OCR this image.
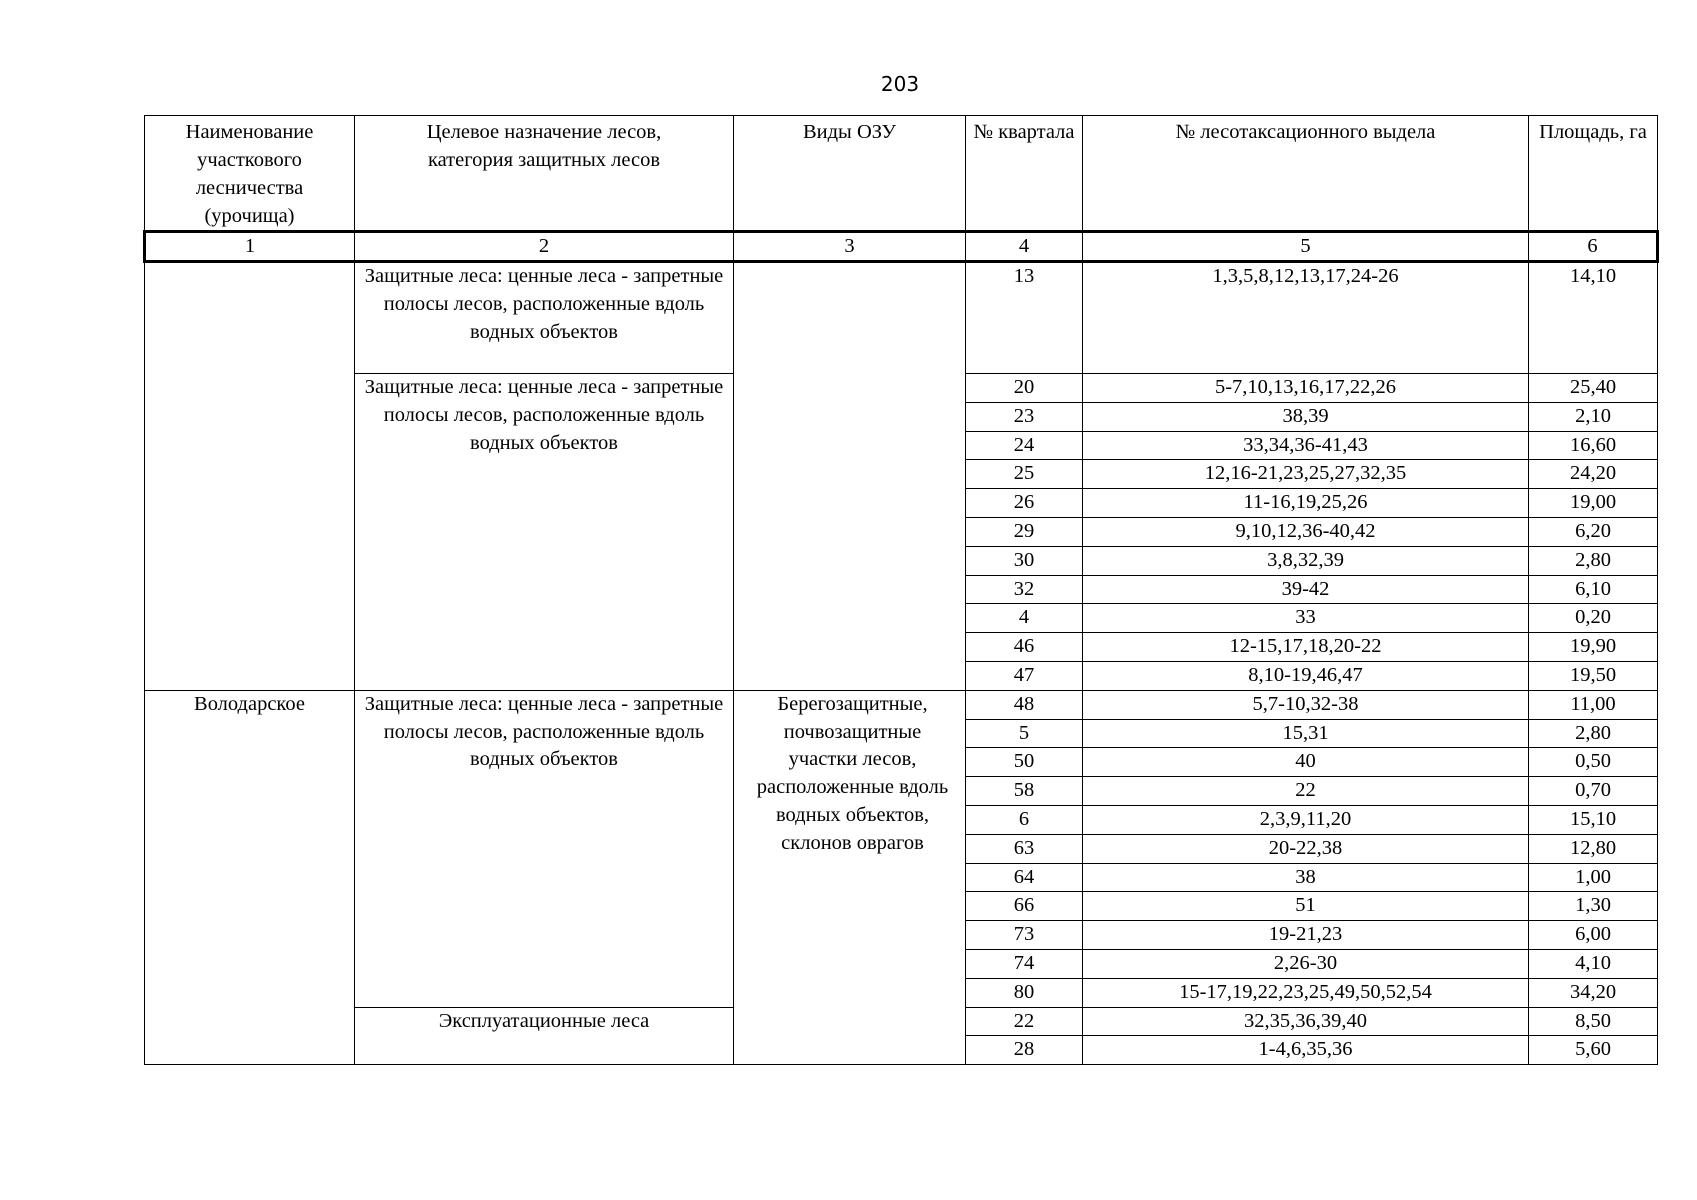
203
Наименование участкового лесничества (урочища)	Целевое назначение лесов, категория защитных лесов	Виды ОЗУ	№ квартала	№ лесотаксационного выдела	Площадь, га
1	2	3	4	5	6
	Защитные леса: ценные леса - запретные полосы лесов, расположенные вдоль водных объектов		13	1,3,5,8,12,13,17,24-26	14,10
	Защитные леса: ценные леса - запретные полосы лесов, расположенные вдоль водных объектов		20	5-7,10,13,16,17,22,26	25,40
			23	38,39	2,10
			24	33,34,36-41,43	16,60
			25	12,16-21,23,25,27,32,35	24,20
			26	11-16,19,25,26	19,00
			29	9,10,12,36-40,42	6,20
			30	3,8,32,39	2,80
			32	39-42	6,10
			4	33	0,20
			46	12-15,17,18,20-22	19,90
			47	8,10-19,46,47	19,50
Володарское	Защитные леса: ценные леса - запретные полосы лесов, расположенные вдоль водных объектов	Берегозащитные, почвозащитные участки лесов, расположенные вдоль водных объектов, склонов оврагов	48	5,7-10,32-38	11,00
			5	15,31	2,80
			50	40	0,50
			58	22	0,70
			6	2,3,9,11,20	15,10
			63	20-22,38	12,80
			64	38	1,00
			66	51	1,30
			73	19-21,23	6,00
			74	2,26-30	4,10
			80	15-17,19,22,23,25,49,50,52,54	34,20
	Эксплуатационные леса		22	32,35,36,39,40	8,50
			28	1-4,6,35,36	5,60
